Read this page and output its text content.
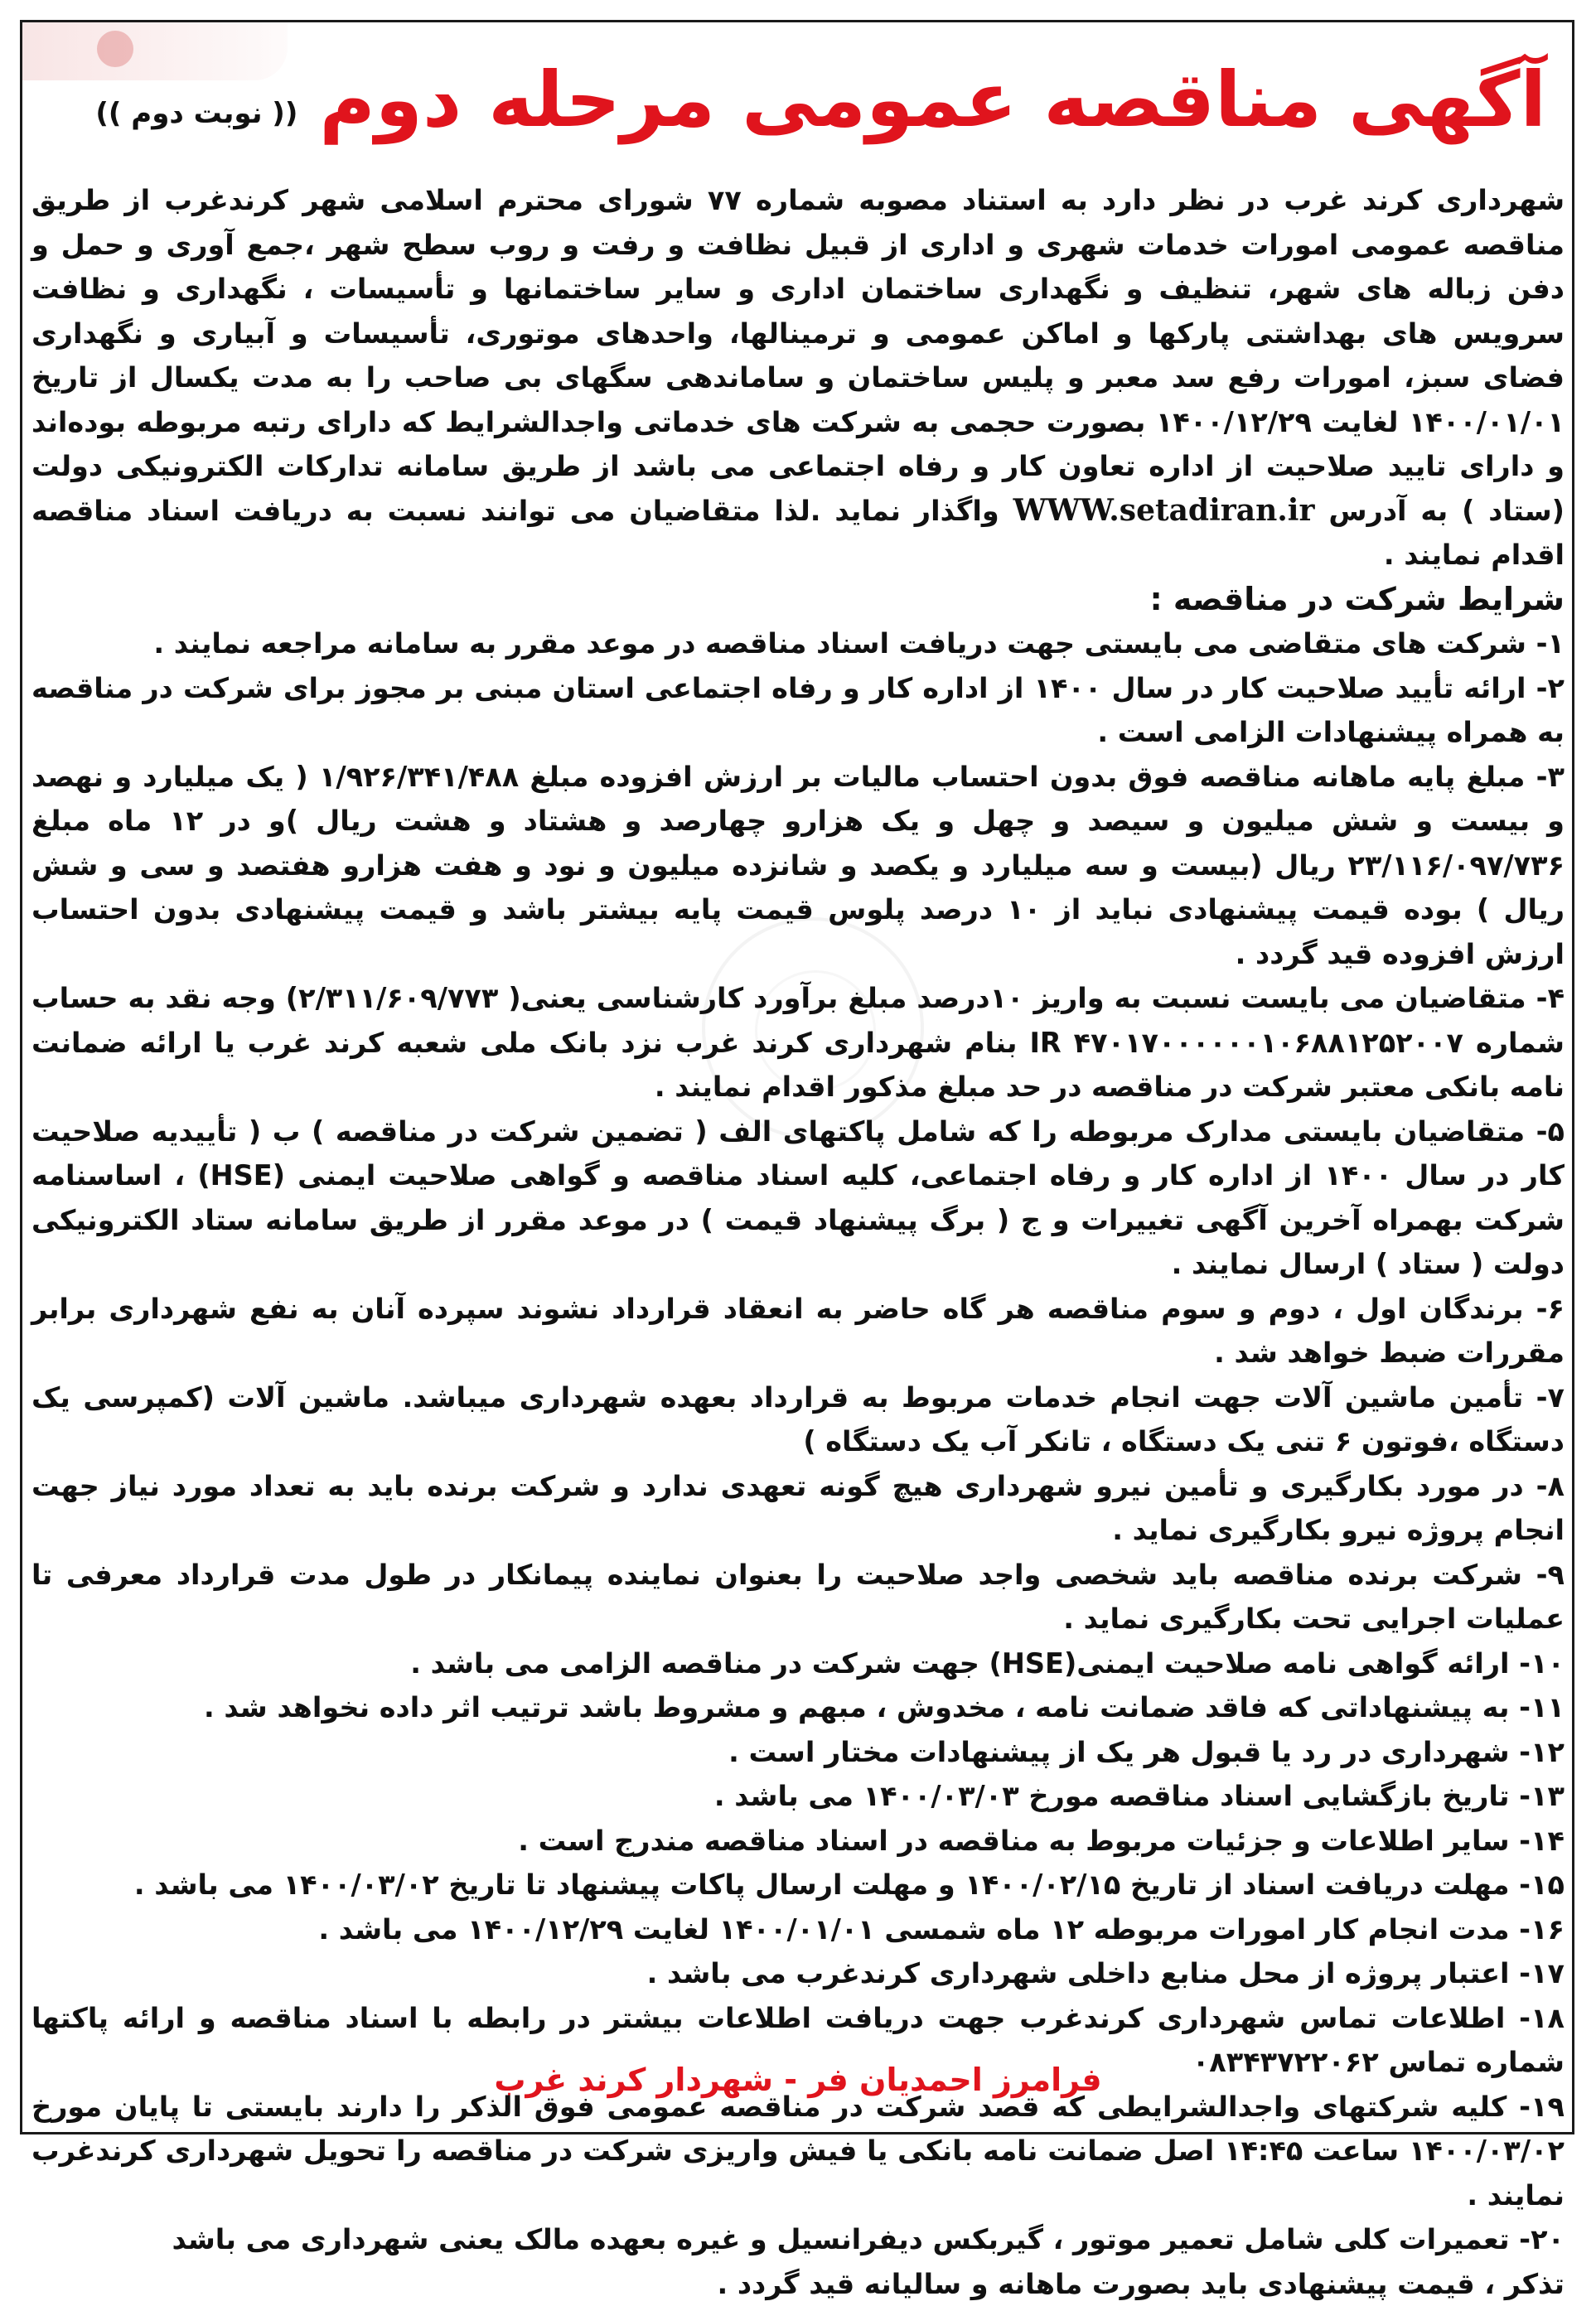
آگهی مناقصه عمومی مرحله دوم
(( نوبت دوم ))

شهرداری کرند غرب در نظر دارد به استناد مصوبه شماره ۷۷ شورای محترم اسلامی شهر کرندغرب از طریق مناقصه عمومی امورات خدمات شهری و اداری از قبیل نظافت و رفت و روب سطح شهر ،جمع آوری و حمل و دفن زباله های شهر، تنظیف و نگهداری ساختمان اداری و سایر ساختمانها و تأسیسات ، نگهداری و نظافت سرویس های بهداشتی پارکها و اماکن عمومی و ترمینالها، واحدهای موتوری، تأسیسات و آبیاری و نگهداری فضای سبز، امورات رفع سد معبر و پلیس ساختمان و ساماندهی سگهای بی صاحب را به مدت یکسال از تاریخ ۱۴۰۰/۰۱/۰۱ لغایت ۱۴۰۰/۱۲/۲۹ بصورت حجمی به شرکت های خدماتی واجدالشرایط که دارای رتبه مربوطه بوده‌اند و دارای تایید صلاحیت از اداره تعاون کار و رفاه اجتماعی می باشد از طریق سامانه تدارکات الکترونیکی دولت (ستاد ) به آدرس WWW.setadiran.ir واگذار نماید .لذا متقاضیان می توانند نسبت به دریافت اسناد مناقصه اقدام نمایند .

شرایط شرکت در مناقصه :
۱- شرکت های متقاضی می بایستی جهت دریافت اسناد مناقصه در موعد مقرر به سامانه مراجعه نمایند .
۲- ارائه تأیید صلاحیت کار در سال ۱۴۰۰ از اداره کار و رفاه اجتماعی استان مبنی بر مجوز برای شرکت در مناقصه به همراه پیشنهادات الزامی است .
۳- مبلغ پایه ماهانه مناقصه فوق بدون احتساب مالیات بر ارزش افزوده مبلغ ۱/۹۲۶/۳۴۱/۴۸۸ ( یک میلیارد و نهصد و بیست و شش میلیون و سیصد و چهل و یک هزارو چهارصد و هشتاد و هشت ریال )و در ۱۲ ماه مبلغ ۲۳/۱۱۶/۰۹۷/۷۳۶ ریال (بیست و سه میلیارد و یکصد و شانزده میلیون و نود و هفت هزارو هفتصد و سی و شش ریال ) بوده قیمت پیشنهادی نباید از ۱۰ درصد پلوس قیمت پایه بیشتر باشد و قیمت پیشنهادی بدون احتساب ارزش افزوده قید گردد .
۴- متقاضیان می بایست نسبت به واریز ۱۰درصد مبلغ برآورد کارشناسی یعنی( ۲/۳۱۱/۶۰۹/۷۷۳) وجه نقد به حساب شماره IR ۴۷۰۱۷۰۰۰۰۰۰۱۰۶۸۸۱۲۵۲۰۰۷ بنام شهرداری کرند غرب نزد بانک ملی شعبه کرند غرب یا ارائه ضمانت نامه بانکی معتبر شرکت در مناقصه در حد مبلغ مذکور اقدام نمایند .
۵- متقاضیان بایستی مدارک مربوطه را که شامل پاکتهای الف ( تضمین شرکت در مناقصه ) ب ( تأییدیه صلاحیت کار در سال ۱۴۰۰ از اداره کار و رفاه اجتماعی، کلیه اسناد مناقصه و گواهی صلاحیت ایمنی (HSE) ، اساسنامه شرکت بهمراه آخرین آگهی تغییرات و ج ( برگ پیشنهاد قیمت ) در موعد مقرر از طریق سامانه ستاد الکترونیکی دولت ( ستاد ) ارسال نمایند .
۶- برندگان اول ، دوم و سوم مناقصه هر گاه حاضر به انعقاد قرارداد نشوند سپرده آنان به نفع شهرداری برابر مقررات ضبط خواهد شد .
۷- تأمین ماشین آلات جهت انجام خدمات مربوط به قرارداد بعهده شهرداری میباشد. ماشین آلات (کمپرسی یک دستگاه ،فوتون ۶ تنی یک دستگاه ، تانکر آب یک دستگاه )
۸- در مورد بکارگیری و تأمین نیرو شهرداری هیچ گونه تعهدی ندارد و شرکت برنده باید به تعداد مورد نیاز جهت انجام پروژه نیرو بکارگیری نماید .
۹- شرکت برنده مناقصه باید شخصی واجد صلاحیت را بعنوان نماینده پیمانکار در طول مدت قرارداد معرفی تا عملیات اجرایی تحت بکارگیری نماید .
۱۰- ارائه گواهی نامه صلاحیت ایمنی(HSE) جهت شرکت در مناقصه الزامی می باشد .
۱۱- به پیشنهاداتی که فاقد ضمانت نامه ، مخدوش ، مبهم و مشروط باشد ترتیب اثر داده نخواهد شد .
۱۲- شهرداری در رد یا قبول هر یک از پیشنهادات مختار است .
۱۳- تاریخ بازگشایی اسناد مناقصه مورخ ۱۴۰۰/۰۳/۰۳ می باشد .
۱۴- سایر اطلاعات و جزئیات مربوط به مناقصه در اسناد مناقصه مندرج است .
۱۵- مهلت دریافت اسناد از تاریخ ۱۴۰۰/۰۲/۱۵ و مهلت ارسال پاکات پیشنهاد تا تاریخ ۱۴۰۰/۰۳/۰۲ می باشد .
۱۶- مدت انجام کار امورات مربوطه ۱۲ ماه شمسی ۱۴۰۰/۰۱/۰۱ لغایت ۱۴۰۰/۱۲/۲۹ می باشد .
۱۷- اعتبار پروژه از محل منابع داخلی شهرداری کرندغرب می باشد .
۱۸- اطلاعات تماس شهرداری کرندغرب جهت دریافت اطلاعات بیشتر در رابطه با اسناد مناقصه و ارائه پاکتها شماره تماس ۰۸۳۴۳۷۲۲۰۶۲
۱۹- کلیه شرکتهای واجدالشرایطی که قصد شرکت در مناقصه عمومی فوق الذکر را دارند بایستی تا پایان مورخ ۱۴۰۰/۰۳/۰۲ ساعت ۱۴:۴۵ اصل ضمانت نامه بانکی یا فیش واریزی شرکت در مناقصه را تحویل شهرداری کرندغرب نمایند .
۲۰- تعمیرات کلی شامل تعمیر موتور ، گیربکس دیفرانسیل و غیره بعهده مالک یعنی شهرداری می باشد

تذکر ، قیمت پیشنهادی باید بصورت ماهانه و سالیانه قید گردد .

فرامرز احمدیان فر - شهردار کرند غرب
